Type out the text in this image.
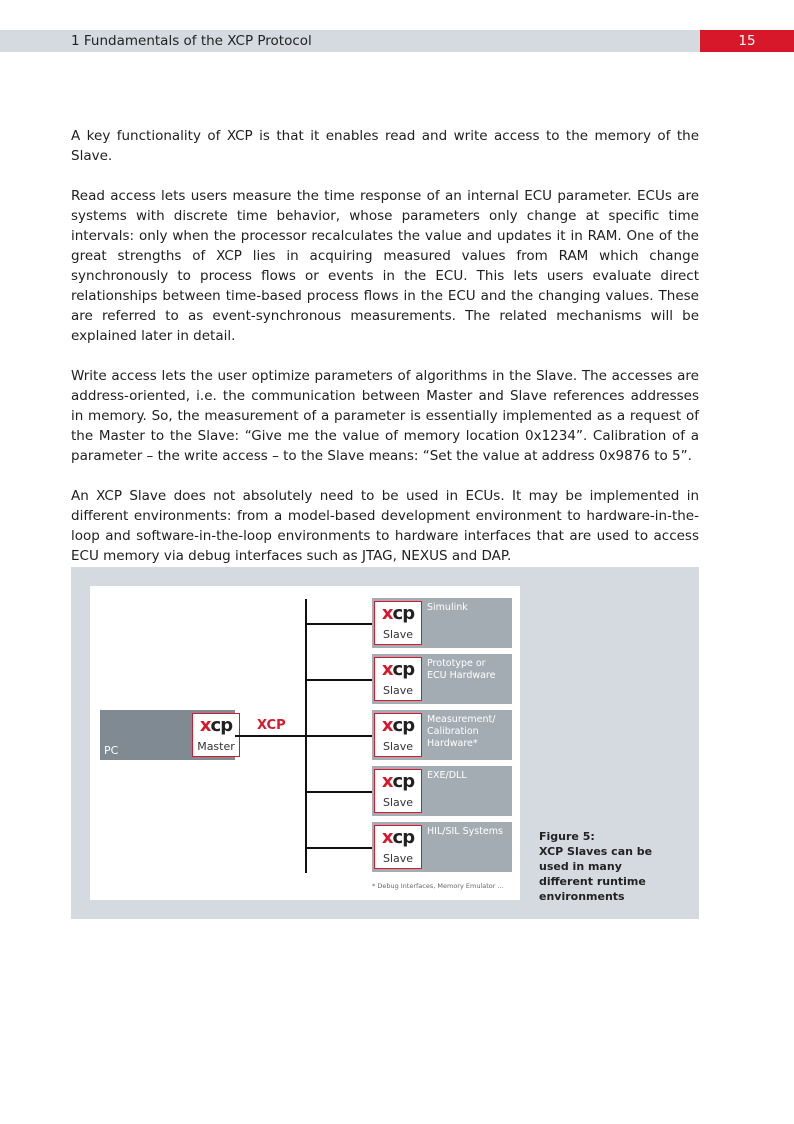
1 Fundamentals of the XCP Protocol	15

A key functionality of XCP is that it enables read and write access to the memory of the Slave.

Read access lets users measure the time response of an internal ECU parameter. ECUs are systems with discrete time behavior, whose parameters only change at specific time intervals: only when the processor recalculates the value and updates it in RAM. One of the great strengths of XCP lies in acquiring measured values from RAM which change synchronously to process flows or events in the ECU. This lets users evaluate direct relationships between time-based process flows in the ECU and the changing values. These are referred to as event-synchronous measurements. The related mechanisms will be explained later in detail.

Write access lets the user optimize parameters of algorithms in the Slave. The accesses are address-oriented, i.e. the communication between Master and Slave references addresses in memory. So, the measurement of a parameter is essentially implemented as a request of the Master to the Slave: “Give me the value of memory location 0x1234”. Calibration of a parameter – the write access – to the Slave means: “Set the value at address 0x9876 to 5”.

An XCP Slave does not absolutely need to be used in ECUs. It may be implemented in different environments: from a model-based development environment to hardware-in-the-loop and software-in-the-loop environments to hardware interfaces that are used to access ECU memory via debug interfaces such as JTAG, NEXUS and DAP.

PC
xcp
Master
XCP
xcp
Slave
Simulink
xcp
Slave
Prototype or
ECU Hardware
xcp
Slave
Measurement/
Calibration
Hardware*
xcp
Slave
EXE/DLL
xcp
Slave
HIL/SIL Systems
* Debug Interfaces, Memory Emulator ...
Figure 5:
XCP Slaves can be used in many different runtime environments
